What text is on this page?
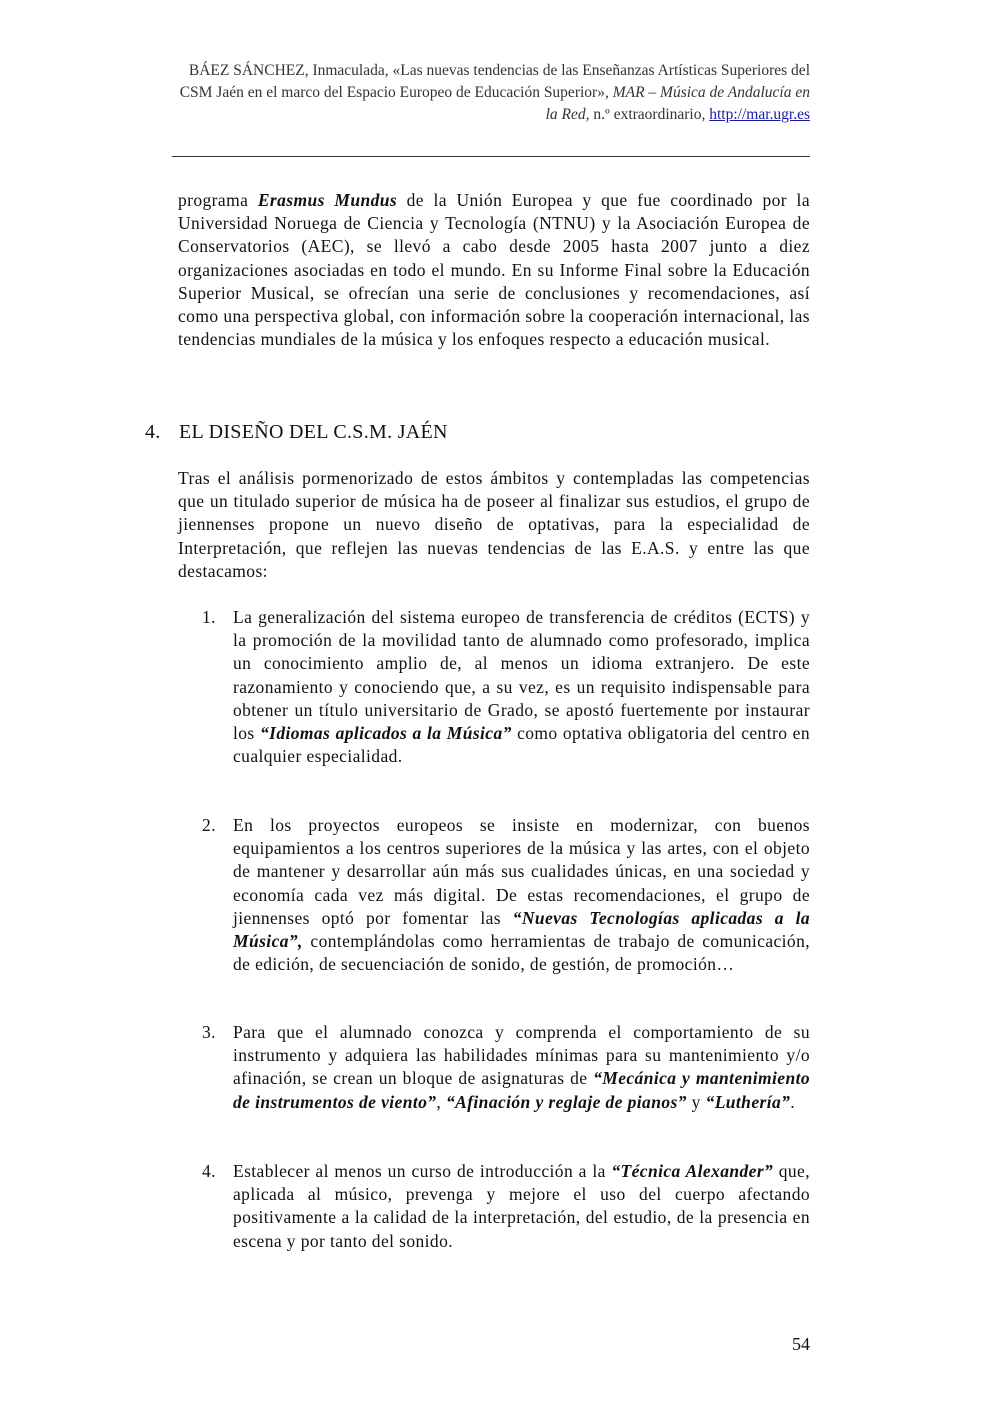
BÁEZ SÁNCHEZ, Inmaculada, «Las nuevas tendencias de las Enseñanzas Artísticas Superiores del
CSM Jaén en el marco del Espacio Europeo de Educación Superior», MAR – Música de Andalucía en
la Red, n.º extraordinario, http://mar.ugr.es
programa Erasmus Mundus de la Unión Europea y que fue coordinado por la Universidad Noruega de Ciencia y Tecnología (NTNU) y la Asociación Europea de Conservatorios (AEC), se llevó a cabo desde 2005 hasta 2007 junto a diez organizaciones asociadas en todo el mundo. En su Informe Final sobre la Educación Superior Musical, se ofrecían una serie de conclusiones y recomendaciones, así como una perspectiva global, con información sobre la cooperación internacional, las tendencias mundiales de la música y los enfoques respecto a educación musical.
4. EL DISEÑO DEL C.S.M. JAÉN
Tras el análisis pormenorizado de estos ámbitos y contempladas las competencias que un titulado superior de música ha de poseer al finalizar sus estudios, el grupo de jiennenses propone un nuevo diseño de optativas, para la especialidad de Interpretación, que reflejen las nuevas tendencias de las E.A.S. y entre las que destacamos:
1. La generalización del sistema europeo de transferencia de créditos (ECTS) y la promoción de la movilidad tanto de alumnado como profesorado, implica un conocimiento amplio de, al menos un idioma extranjero. De este razonamiento y conociendo que, a su vez, es un requisito indispensable para obtener un título universitario de Grado, se apostó fuertemente por instaurar los “Idiomas aplicados a la Música” como optativa obligatoria del centro en cualquier especialidad.
2. En los proyectos europeos se insiste en modernizar, con buenos equipamientos a los centros superiores de la música y las artes, con el objeto de mantener y desarrollar aún más sus cualidades únicas, en una sociedad y economía cada vez más digital. De estas recomendaciones, el grupo de jiennenses optó por fomentar las “Nuevas Tecnologías aplicadas a la Música”, contemplándolas como herramientas de trabajo de comunicación, de edición, de secuenciación de sonido, de gestión, de promoción…
3. Para que el alumnado conozca y comprenda el comportamiento de su instrumento y adquiera las habilidades mínimas para su mantenimiento y/o afinación, se crean un bloque de asignaturas de “Mecánica y mantenimiento de instrumentos de viento”, “Afinación y reglaje de pianos” y “Luthería”.
4. Establecer al menos un curso de introducción a la “Técnica Alexander” que, aplicada al músico, prevenga y mejore el uso del cuerpo afectando positivamente a la calidad de la interpretación, del estudio, de la presencia en escena y por tanto del sonido.
54
